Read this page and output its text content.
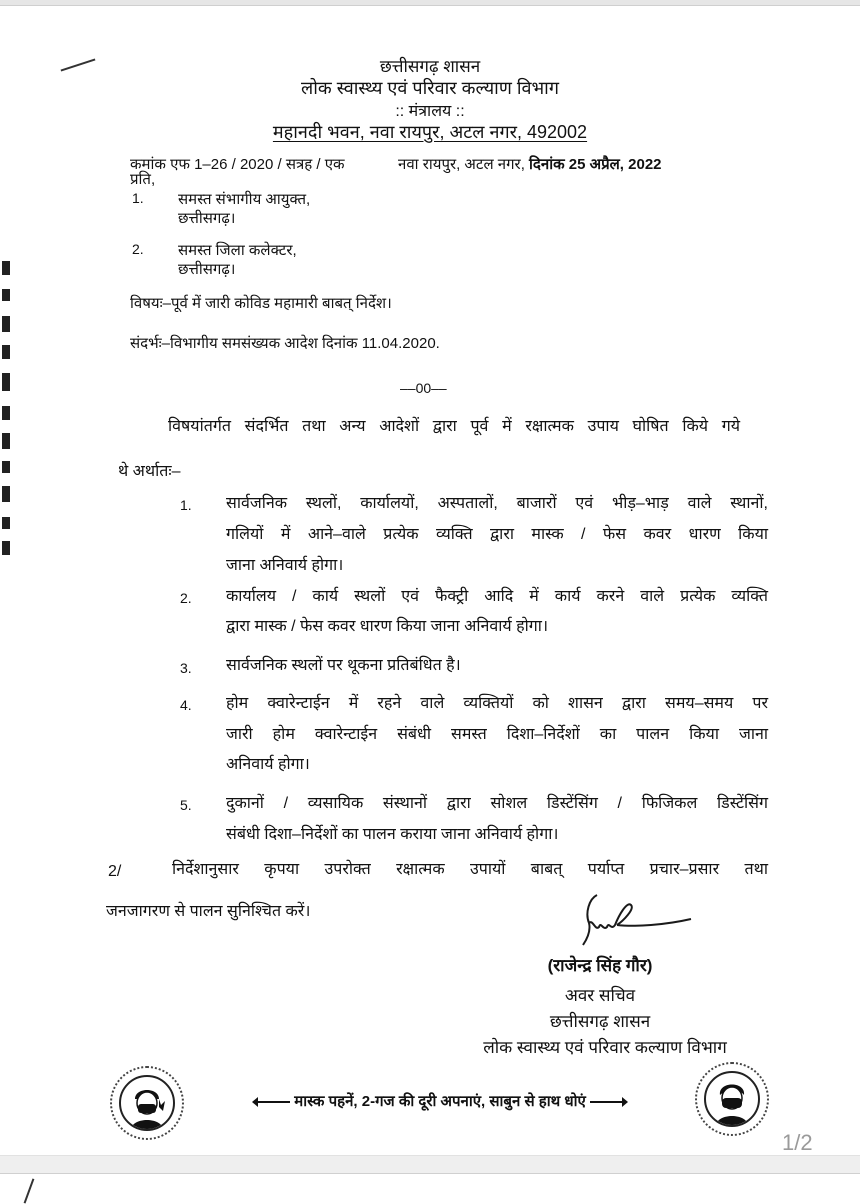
छत्तीसगढ़ शासन
लोक स्वास्थ्य एवं परिवार कल्याण विभाग
:: मंत्रालय ::
महानदी भवन, नवा रायपुर, अटल नगर, 492002
कमांक एफ 1–26 / 2020 / सत्रह / एक	नवा रायपुर, अटल नगर, दिनांक 25 अप्रैल, 2022
प्रति,
1. समस्त संभागीय आयुक्त,
छत्तीसगढ़।
2. समस्त जिला कलेक्टर,
छत्तीसगढ़।
विषयः–पूर्व में जारी कोविड महामारी बाबत् निर्देश।
संदर्भः–विभागीय समसंख्यक आदेश दिनांक 11.04.2020.
––00––
विषयांतर्गत संदर्भित तथा अन्य आदेशों द्वारा पूर्व में रक्षात्मक उपाय घोषित किये गये
थे अर्थातः–
1. सार्वजनिक स्थलों, कार्यालयों, अस्पतालों, बाजारों एवं भीड़–भाड़ वाले स्थानों,
गलियों में आने–वाले प्रत्येक व्यक्ति द्वारा मास्क / फेस कवर धारण किया
जाना अनिवार्य होगा।
2. कार्यालय / कार्य स्थलों एवं फैक्ट्री आदि में कार्य करने वाले प्रत्येक व्यक्ति
द्वारा मास्क / फेस कवर धारण किया जाना अनिवार्य होगा।
3. सार्वजनिक स्थलों पर थूकना प्रतिबंधित है।
4. होम क्वारेन्टाईन में रहने वाले व्यक्तियों को शासन द्वारा समय–समय पर
जारी होम क्वारेन्टाईन संबंधी समस्त दिशा–निर्देशों का पालन किया जाना
अनिवार्य होगा।
5. दुकानों / व्यसायिक संस्थानों द्वारा सोशल डिस्टेंसिंग / फिजिकल डिस्टेंसिंग
संबंधी दिशा–निर्देशों का पालन कराया जाना अनिवार्य होगा।
2/	निर्देशानुसार कृपया उपरोक्त रक्षात्मक उपायों बाबत् पर्याप्त प्रचार–प्रसार तथा
जनजागरण से पालन सुनिश्चित करें।
(राजेन्द्र सिंह गौर)
अवर सचिव
छत्तीसगढ़ शासन
लोक स्वास्थ्य एवं परिवार कल्याण विभाग
मास्क पहनें, 2-गज की दूरी अपनाएं, साबुन से हाथ धोएं
1/2
